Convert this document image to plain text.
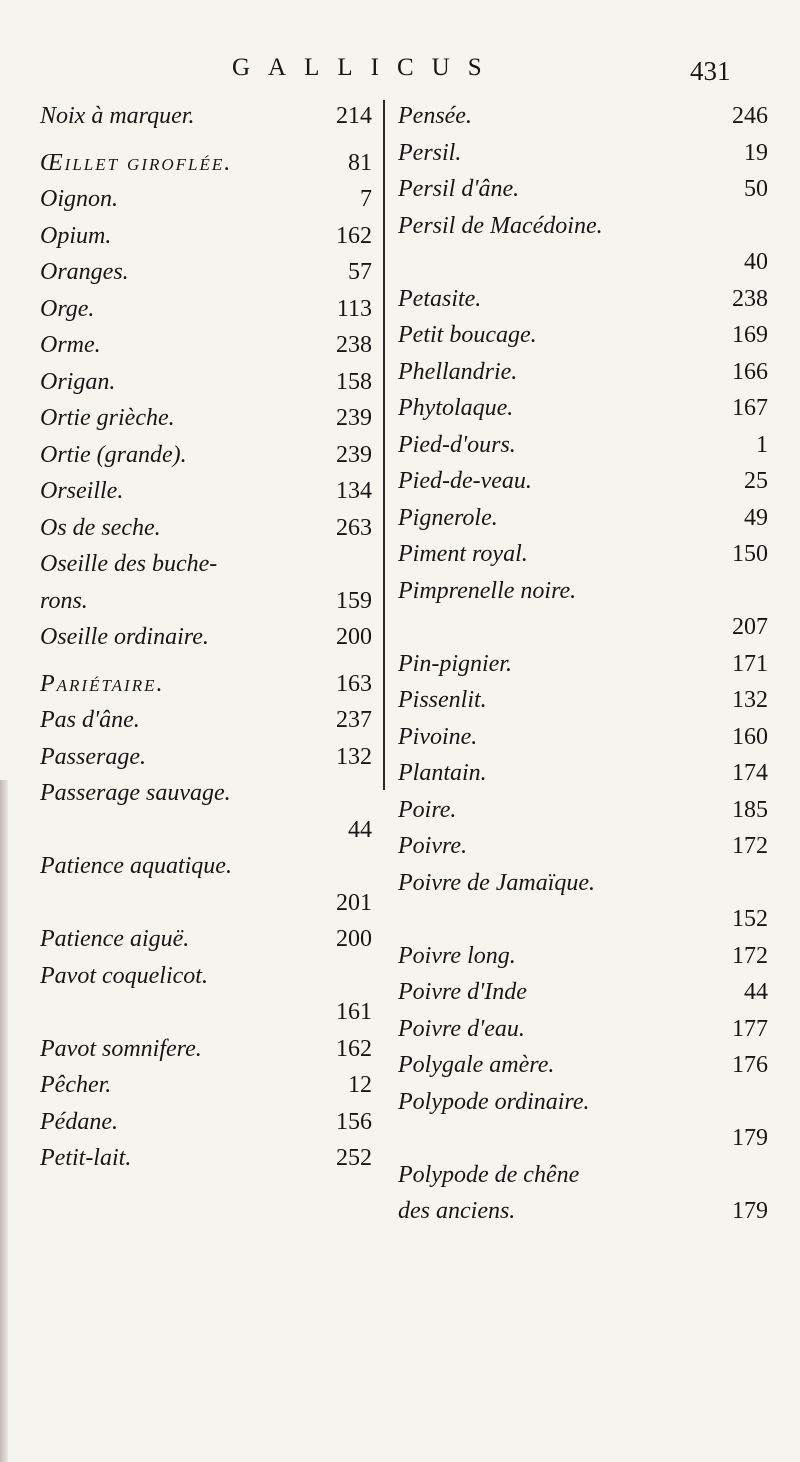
GALLICUS	431
Noix à marquer.	214
Œillet giroflée.	81
Oignon.	7
Opium.	162
Oranges.	57
Orge.	113
Orme.	238
Origan.	158
Ortie grièche.	239
Ortie (grande).	239
Orseille.	134
Os de seche.	263
Oseille des buche-
rons.	159
Oseille ordinaire.	200
Pariétaire.	163
Pas d'âne.	237
Passerage.	132
Passerage sauvage.
44
Patience aquatique.
201
Patience aiguë.	200
Pavot coquelicot.
161
Pavot somnifere.	162
Pêcher.	12
Pédane.	156
Petit-lait.	252
Pensée.	246
Persil.	19
Persil d'âne.	50
Persil de Macédoine.
40
Petasite.	238
Petit boucage.	169
Phellandrie.	166
Phytolaque.	167
Pied-d'ours.	1
Pied-de-veau.	25
Pignerole.	49
Piment royal.	150
Pimprenelle noire.
207
Pin-pignier.	171
Pissenlit.	132
Pivoine.	160
Plantain.	174
Poire.	185
Poivre.	172
Poivre de Jamaïque.
152
Poivre long.	172
Poivre d'Inde	44
Poivre d'eau.	177
Polygale amère.	176
Polypode ordinaire.
179
Polypode de chêne
des anciens.	179
